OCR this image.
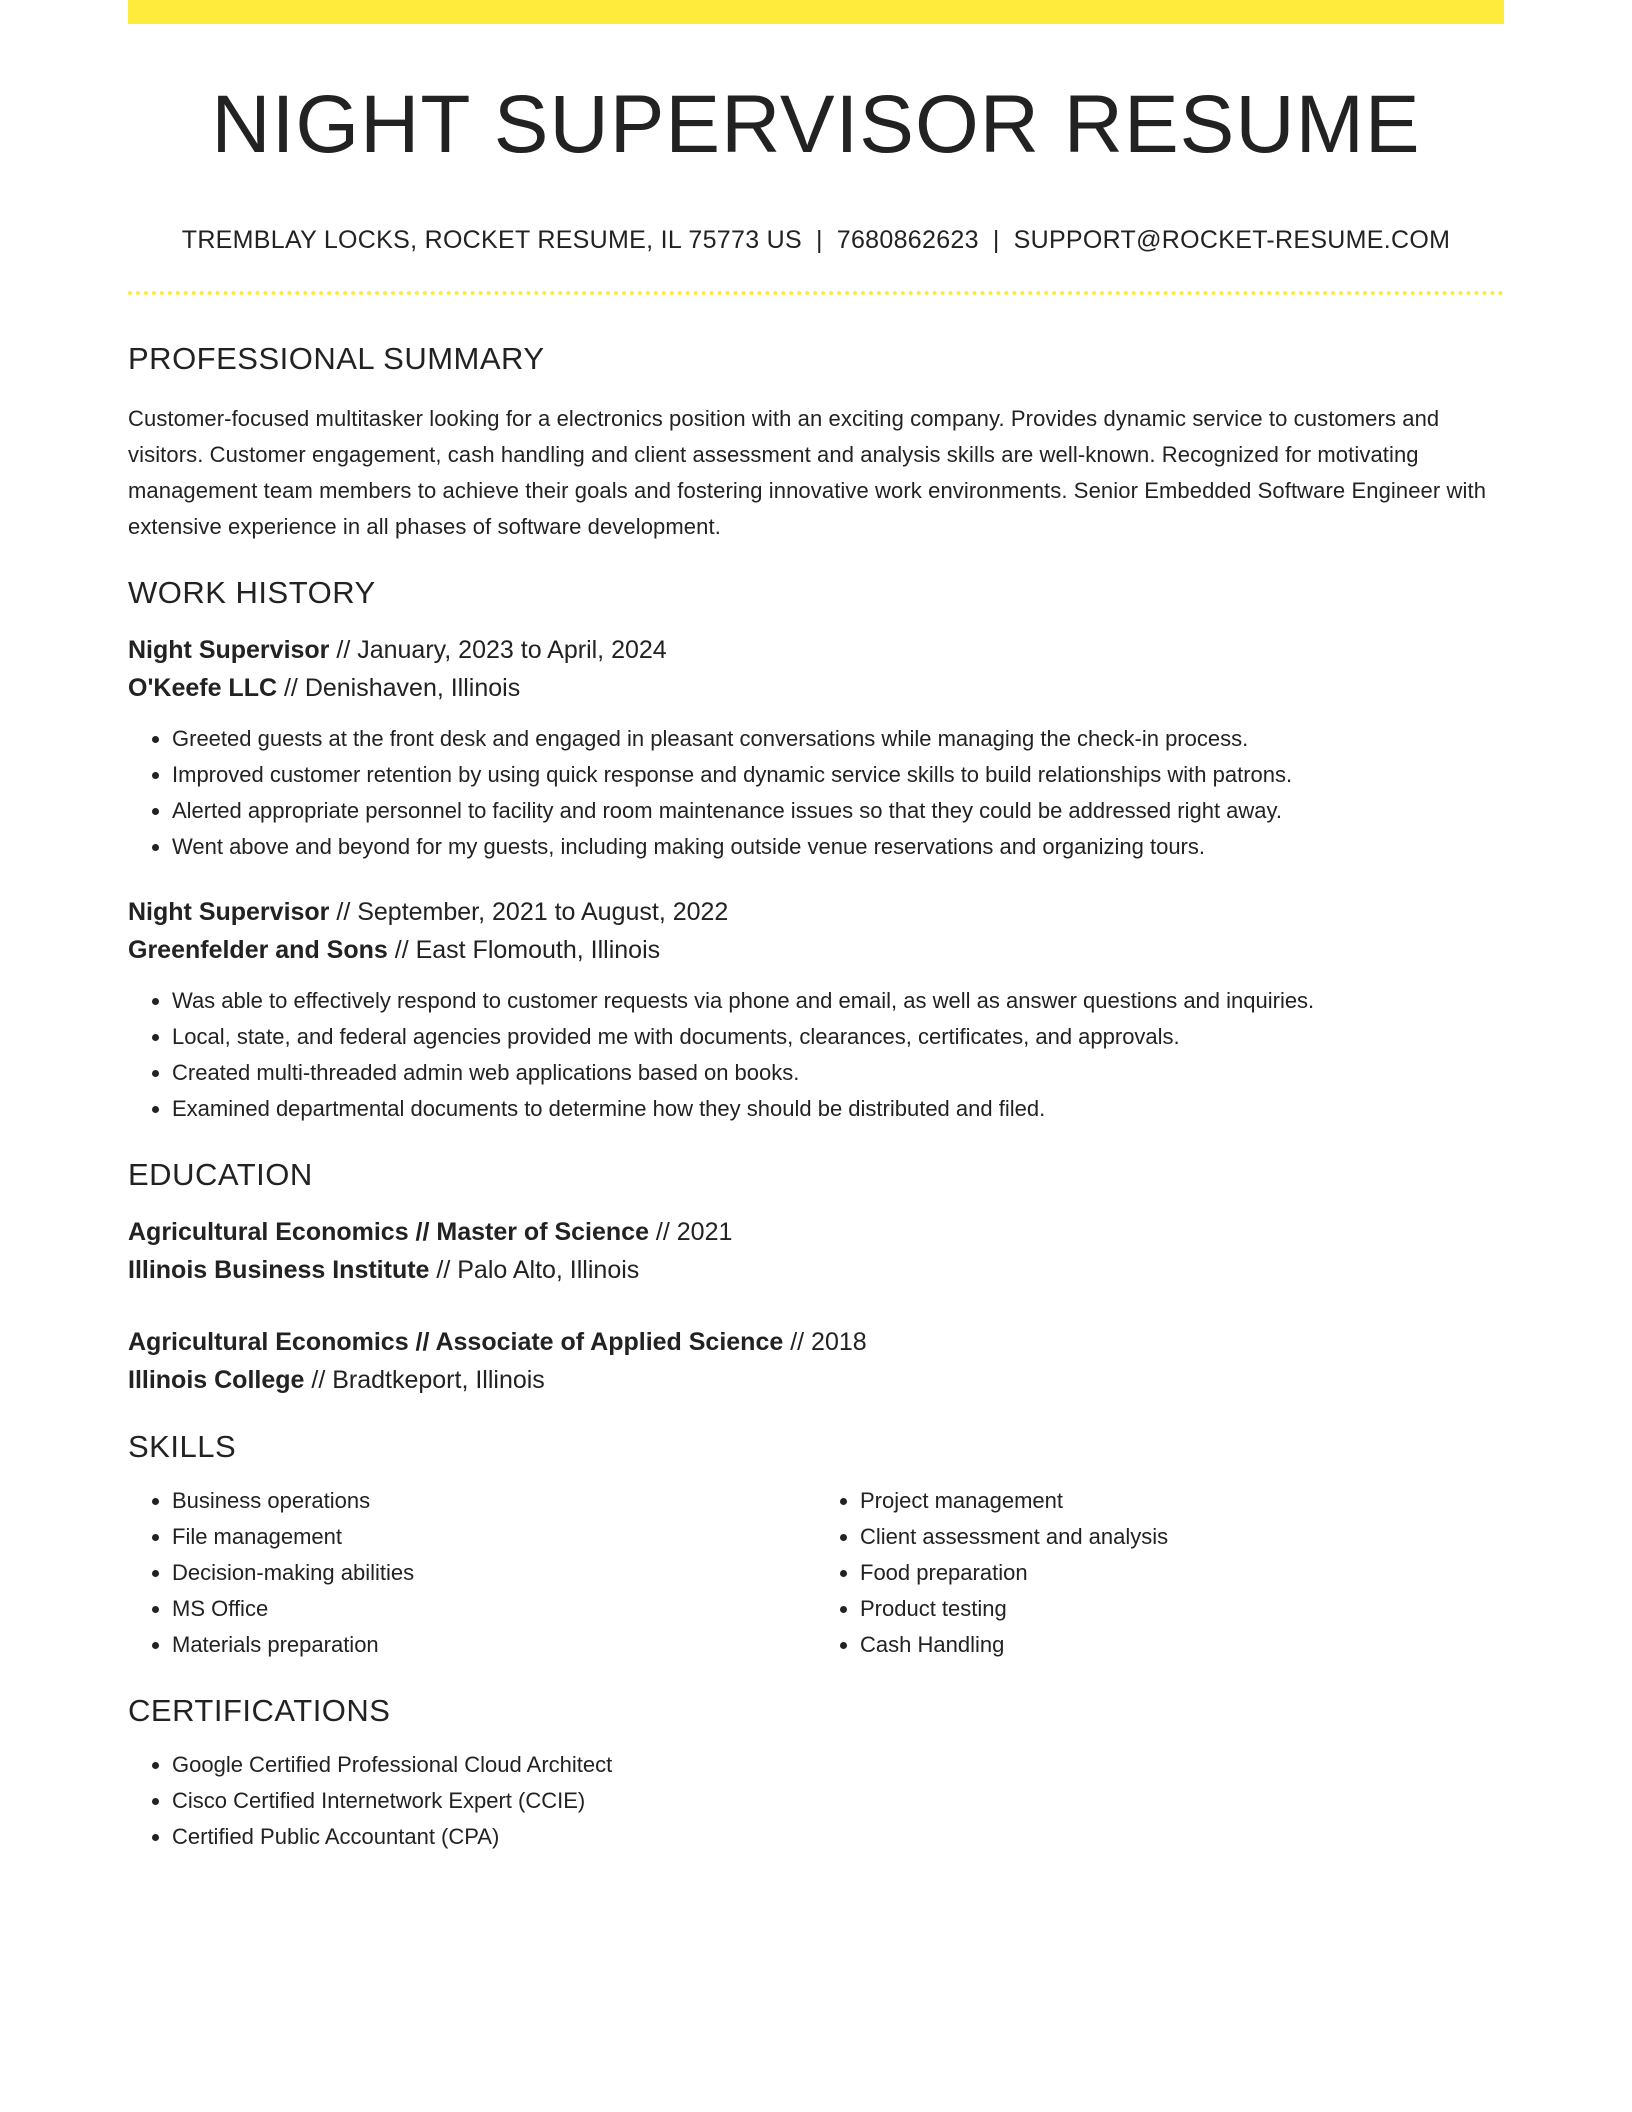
NIGHT SUPERVISOR RESUME
TREMBLAY LOCKS, ROCKET RESUME, IL 75773 US | 7680862623 | SUPPORT@ROCKET-RESUME.COM
PROFESSIONAL SUMMARY

Customer-focused multitasker looking for a electronics position with an exciting company. Provides dynamic service to customers and visitors. Customer engagement, cash handling and client assessment and analysis skills are well-known. Recognized for motivating management team members to achieve their goals and fostering innovative work environments. Senior Embedded Software Engineer with extensive experience in all phases of software development.

WORK HISTORY
Night Supervisor // January, 2023 to April, 2024
O'Keefe LLC // Denishaven, Illinois
• Greeted guests at the front desk and engaged in pleasant conversations while managing the check-in process.
• Improved customer retention by using quick response and dynamic service skills to build relationships with patrons.
• Alerted appropriate personnel to facility and room maintenance issues so that they could be addressed right away.
• Went above and beyond for my guests, including making outside venue reservations and organizing tours.
Night Supervisor // September, 2021 to August, 2022
Greenfelder and Sons // East Flomouth, Illinois
• Was able to effectively respond to customer requests via phone and email, as well as answer questions and inquiries.
• Local, state, and federal agencies provided me with documents, clearances, certificates, and approvals.
• Created multi-threaded admin web applications based on books.
• Examined departmental documents to determine how they should be distributed and filed.
EDUCATION
Agricultural Economics // Master of Science // 2021
Illinois Business Institute // Palo Alto, Illinois
Agricultural Economics // Associate of Applied Science // 2018
Illinois College // Bradtkeport, Illinois
SKILLS
• Business operations
• File management
• Decision-making abilities
• MS Office
• Materials preparation
• Project management
• Client assessment and analysis
• Food preparation
• Product testing
• Cash Handling
CERTIFICATIONS
• Google Certified Professional Cloud Architect
• Cisco Certified Internetwork Expert (CCIE)
• Certified Public Accountant (CPA)
